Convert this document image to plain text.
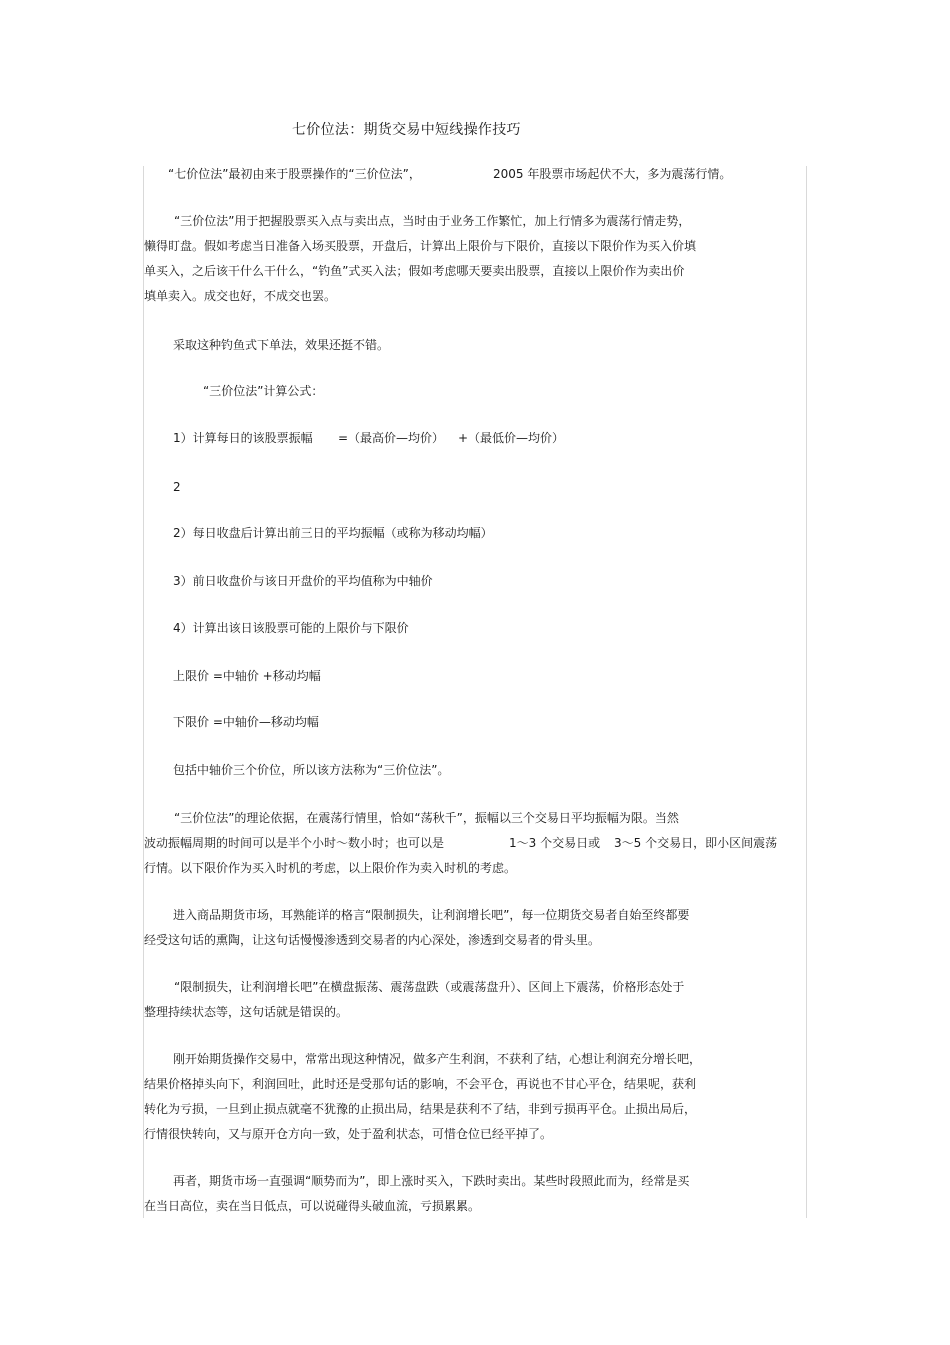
七价位法：期货交易中短线操作技巧
“七价位法”最初由来于股票操作的“三价位法”，	2005 年股票市场起伏不大，多为震荡行情。
“三价位法”用于把握股票买入点与卖出点，当时由于业务工作繁忙，加上行情多为震荡行情走势，
懒得盯盘。假如考虑当日准备入场买股票，开盘后，计算出上限价与下限价，直接以下限价作为买入价填
单买入，之后该干什么干什么，“钓鱼”式买入法；假如考虑哪天要卖出股票，直接以上限价作为卖出价
填单卖入。成交也好，不成交也罢。
采取这种钓鱼式下单法，效果还挺不错。
“三价位法”计算公式：
1）计算每日的该股票振幅 =（最高价—均价） +（最低价—均价）
2
2）每日收盘后计算出前三日的平均振幅（或称为移动均幅）
3）前日收盘价与该日开盘价的平均值称为中轴价
4）计算出该日该股票可能的上限价与下限价
上限价 =中轴价 +移动均幅
下限价 =中轴价—移动均幅
包括中轴价三个价位，所以该方法称为“三价位法”。
“三价位法”的理论依据，在震荡行情里，恰如“荡秋千”，振幅以三个交易日平均振幅为限。当然
波动振幅周期的时间可以是半个小时～数小时；也可以是	1～3 个交易日或 3～5 个交易日，即小区间震荡
行情。以下限价作为买入时机的考虑，以上限价作为卖入时机的考虑。
进入商品期货市场，耳熟能详的格言“限制损失，让利润增长吧”，每一位期货交易者自始至终都要
经受这句话的熏陶，让这句话慢慢渗透到交易者的内心深处，渗透到交易者的骨头里。
“限制损失，让利润增长吧”在横盘振荡、震荡盘跌（或震荡盘升）、区间上下震荡，价格形态处于
整理持续状态等，这句话就是错误的。
刚开始期货操作交易中，常常出现这种情况，做多产生利润，不获利了结，心想让利润充分增长吧，
结果价格掉头向下，利润回吐，此时还是受那句话的影响，不会平仓，再说也不甘心平仓，结果呢，获利
转化为亏损，一旦到止损点就毫不犹豫的止损出局，结果是获利不了结，非到亏损再平仓。止损出局后，
行情很快转向，又与原开仓方向一致，处于盈利状态，可惜仓位已经平掉了。
再者，期货市场一直强调“顺势而为”，即上涨时买入，下跌时卖出。某些时段照此而为，经常是买
在当日高位，卖在当日低点，可以说碰得头破血流，亏损累累。
